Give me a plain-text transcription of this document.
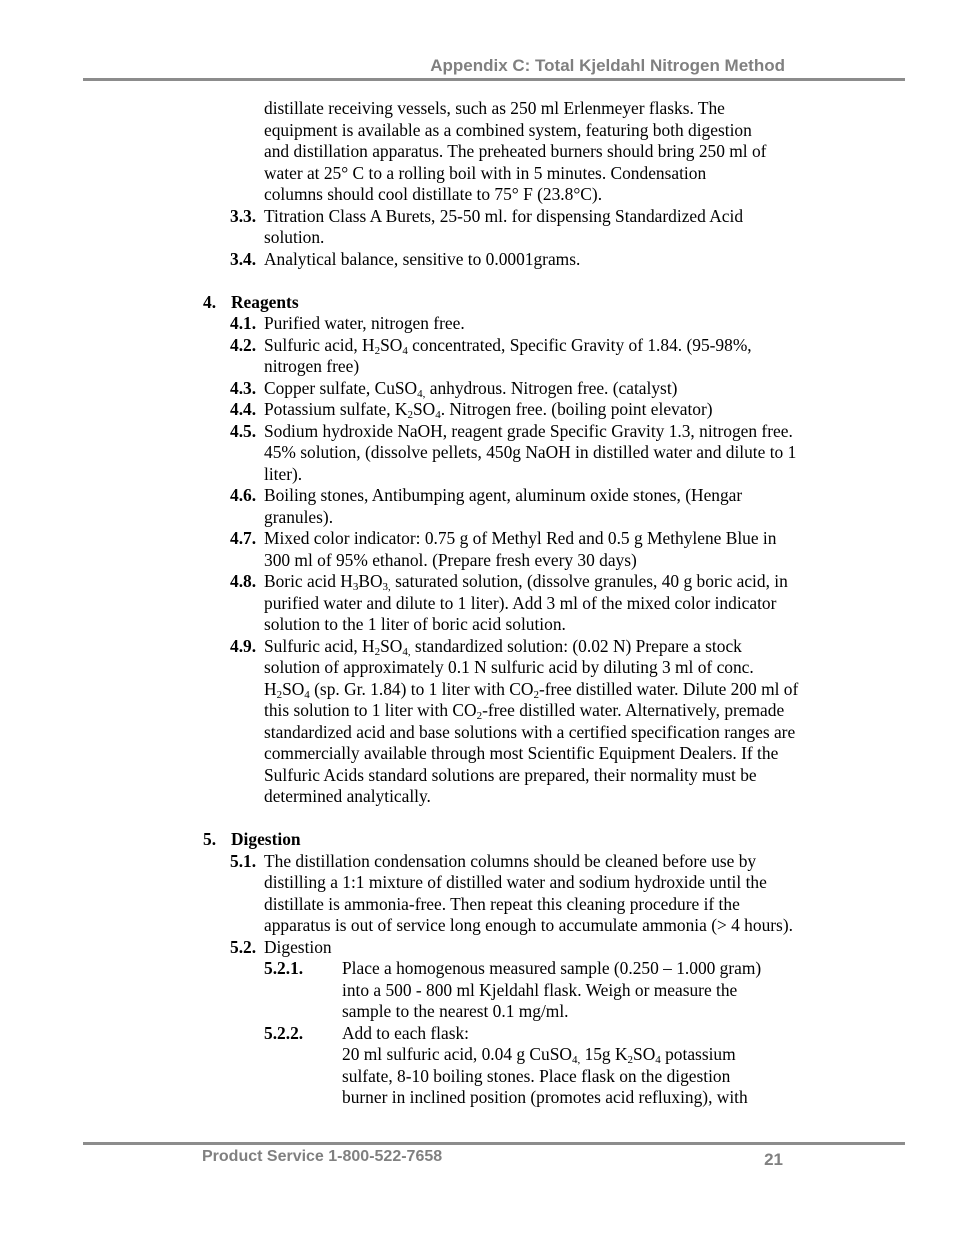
Appendix C: Total Kjeldahl Nitrogen Method

distillate receiving vessels, such as 250 ml Erlenmeyer flasks. The equipment is available as a combined system, featuring both digestion and distillation apparatus. The preheated burners should bring 250 ml of water at 25° C to a rolling boil with in 5 minutes. Condensation columns should cool distillate to 75° F (23.8°C).

3.3. Titration Class A Burets, 25-50 ml. for dispensing Standardized Acid solution.
3.4. Analytical balance, sensitive to 0.0001grams.
4. Reagents
4.1. Purified water, nitrogen free.
4.2. Sulfuric acid, $H_2SO_4$ concentrated, Specific Gravity of 1.84. (95-98%, nitrogen free)
4.3. Copper sulfate, CuSO$_{4,}$ anhydrous. Nitrogen free. (catalyst)
4.4. Potassium sulfate, $K_2SO_4$. Nitrogen free. (boiling point elevator)
4.5. Sodium hydroxide NaOH, reagent grade Specific Gravity 1.3, nitrogen free. 45% solution, (dissolve pellets, 450g NaOH in distilled water and dilute to 1 liter).
4.6. Boiling stones, Antibumping agent, aluminum oxide stones, (Hengar granules).
4.7. Mixed color indicator: 0.75 g of Methyl Red and 0.5 g Methylene Blue in 300 ml of 95% ethanol. (Prepare fresh every 30 days)
4.8. Boric acid $H_3BO_{3,}$ saturated solution, (dissolve granules, 40 g boric acid, in purified water and dilute to 1 liter). Add 3 ml of the mixed color indicator solution to the 1 liter of boric acid solution.
4.9. Sulfuric acid, $H_2SO_{4,}$ standardized solution: (0.02 N) Prepare a stock solution of approximately 0.1 N sulfuric acid by diluting 3 ml of conc. $H_2SO_4$ (sp. Gr. 1.84) to 1 liter with $CO_2$-free distilled water. Dilute 200 ml of this solution to 1 liter with $CO_2$-free distilled water. Alternatively, premade standardized acid and base solutions with a certified specification ranges are commercially available through most Scientific Equipment Dealers. If the Sulfuric Acids standard solutions are prepared, their normality must be determined analytically.
5. Digestion
5.1. The distillation condensation columns should be cleaned before use by distilling a 1:1 mixture of distilled water and sodium hydroxide until the distillate is ammonia-free. Then repeat this cleaning procedure if the apparatus is out of service long enough to accumulate ammonia (> 4 hours).
5.2. Digestion
5.2.1. Place a homogenous measured sample (0.250 – 1.000 gram) into a 500 - 800 ml Kjeldahl flask. Weigh or measure the sample to the nearest 0.1 mg/ml.
5.2.2. Add to each flask:
20 ml sulfuric acid, 0.04 g CuSO$_{4,}$ 15g $K_2SO_4$ potassium sulfate, 8-10 boiling stones. Place flask on the digestion burner in inclined position (promotes acid refluxing), with
Product Service 1-800-522-7658	21
